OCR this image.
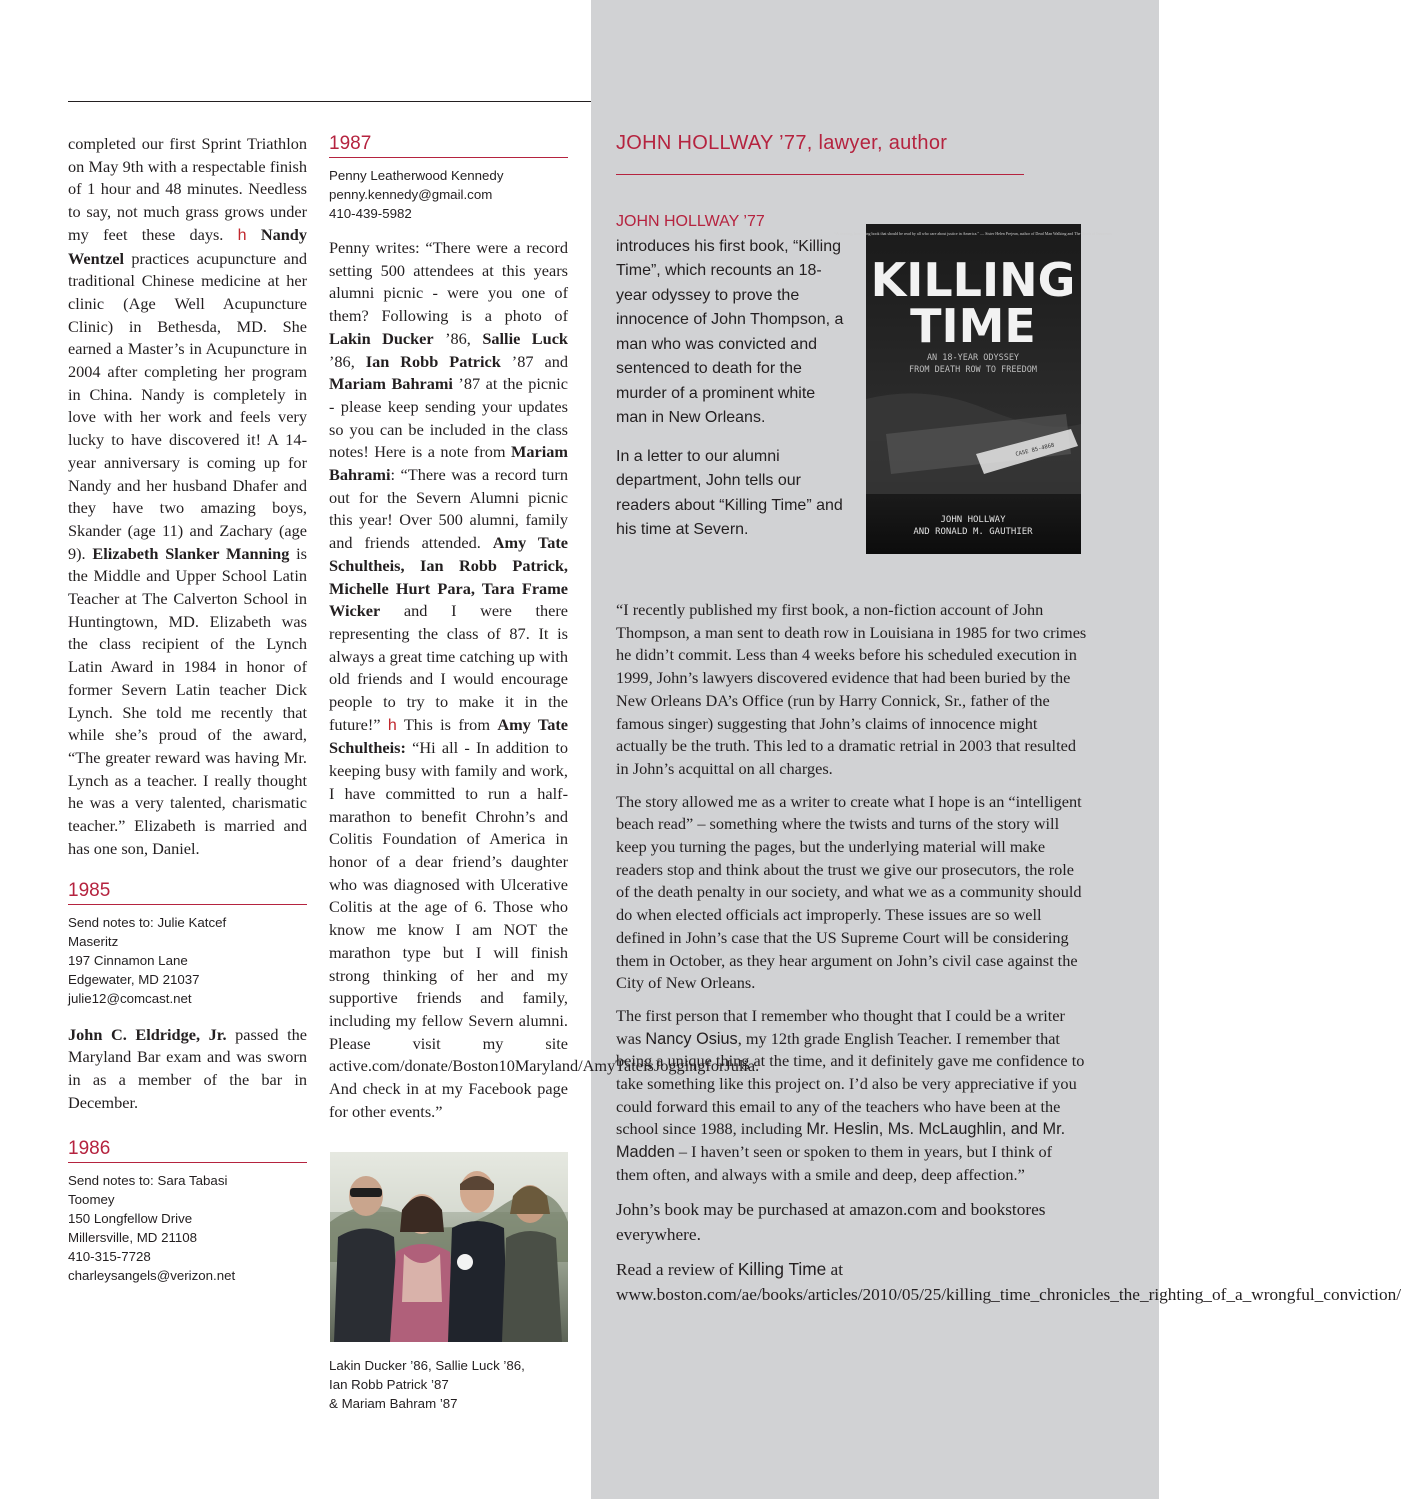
completed our first Sprint Triathlon on May 9th with a respectable finish of 1 hour and 48 minutes. Needless to say, not much grass grows under my feet these days. h Nandy Wentzel practices acupuncture and traditional Chinese medicine at her clinic (Age Well Acupuncture Clinic) in Bethesda, MD. She earned a Master’s in Acupuncture in 2004 after completing her program in China. Nandy is completely in love with her work and feels very lucky to have discovered it! A 14-year anniversary is coming up for Nandy and her husband Dhafer and they have two amazing boys, Skander (age 11) and Zachary (age 9). Elizabeth Slanker Manning is the Middle and Upper School Latin Teacher at The Calverton School in Huntingtown, MD. Elizabeth was the class recipient of the Lynch Latin Award in 1984 in honor of former Severn Latin teacher Dick Lynch. She told me recently that while she’s proud of the award, “The greater reward was having Mr. Lynch as a teacher. I really thought he was a very talented, charismatic teacher.” Elizabeth is married and has one son, Daniel.

1985
Send notes to: Julie Katcef
Maseritz
197 Cinnamon Lane
Edgewater, MD 21037
julie12@comcast.net

John C. Eldridge, Jr. passed the Maryland Bar exam and was sworn in as a member of the bar in December.

1986
Send notes to: Sara Tabasi
Toomey
150 Longfellow Drive
Millersville, MD 21108
410-315-7728
charleysangels@verizon.net
1987
Penny Leatherwood Kennedy
penny.kennedy@gmail.com
410-439-5982

Penny writes: “There were a record setting 500 attendees at this years alumni picnic - were you one of them? Following is a photo of Lakin Ducker ’86, Sallie Luck ’86, Ian Robb Patrick ’87 and Mariam Bahrami ’87 at the picnic - please keep sending your updates so you can be included in the class notes! Here is a note from Mariam Bahrami: “There was a record turn out for the Severn Alumni picnic this year! Over 500 alumni, family and friends attended. Amy Tate Schultheis, Ian Robb Patrick, Michelle Hurt Para, Tara Frame Wicker and I were there representing the class of 87. It is always a great time catching up with old friends and I would encourage people to try to make it in the future!” h This is from Amy Tate Schultheis: “Hi all - In addition to keeping busy with family and work, I have committed to run a half-marathon to benefit Chrohn’s and Colitis Foundation of America in honor of a dear friend’s daughter who was diagnosed with Ulcerative Colitis at the age of 6. Those who know me know I am NOT the marathon type but I will finish strong thinking of her and my supportive friends and family, including my fellow Severn alumni. Please visit my site active.com/donate/Boston10Maryland/AmyTateisJoggingforJulia. And check in at my Facebook page for other events.”

Lakin Ducker ’86, Sallie Luck ’86,
Ian Robb Patrick ’87
& Mariam Bahram ’87
JOHN HOLLWAY ’77, lawyer, author

JOHN HOLLWAY ’77

introduces his first book, “Killing Time”, which recounts an 18-year odyssey to prove the innocence of John Thompson, a man who was convicted and sentenced to death for the murder of a prominent white man in New Orleans.

In a letter to our alumni department, John tells our readers about “Killing Time” and his time at Severn.

“A riveting, harrowing book that should be read by all who care about justice in America.” — Sister Helen Prejean, author of Dead Man Walking and The Death of Innocents
KILLING
TIME
AN 18-YEAR ODYSSEY
FROM DEATH ROW TO FREEDOM
CASE 85-4868
JOHN HOLLWAY
AND RONALD M. GAUTHIER

“I recently published my first book, a non-fiction account of John Thompson, a man sent to death row in Louisiana in 1985 for two crimes he didn’t commit. Less than 4 weeks before his scheduled execution in 1999, John’s lawyers discovered evidence that had been buried by the New Orleans DA’s Office (run by Harry Connick, Sr., father of the famous singer) suggesting that John’s claims of innocence might actually be the truth. This led to a dramatic retrial in 2003 that resulted in John’s acquittal on all charges.

The story allowed me as a writer to create what I hope is an “intelligent beach read” – something where the twists and turns of the story will keep you turning the pages, but the underlying material will make readers stop and think about the trust we give our prosecutors, the role of the death penalty in our society, and what we as a community should do when elected officials act improperly. These issues are so well defined in John’s case that the US Supreme Court will be considering them in October, as they hear argument on John’s civil case against the City of New Orleans.

The first person that I remember who thought that I could be a writer was Nancy Osius, my 12th grade English Teacher. I remember that being a unique thing at the time, and it definitely gave me confidence to take something like this project on. I’d also be very appreciative if you could forward this email to any of the teachers who have been at the school since 1988, including Mr. Heslin, Ms. McLaughlin, and Mr. Madden – I haven’t seen or spoken to them in years, but I think of them often, and always with a smile and deep, deep affection.”

John’s book may be purchased at amazon.com and bookstores everywhere.

Read a review of Killing Time at www.boston.com/ae/books/articles/2010/05/25/killing_time_chronicles_the_righting_of_a_wrongful_conviction/
